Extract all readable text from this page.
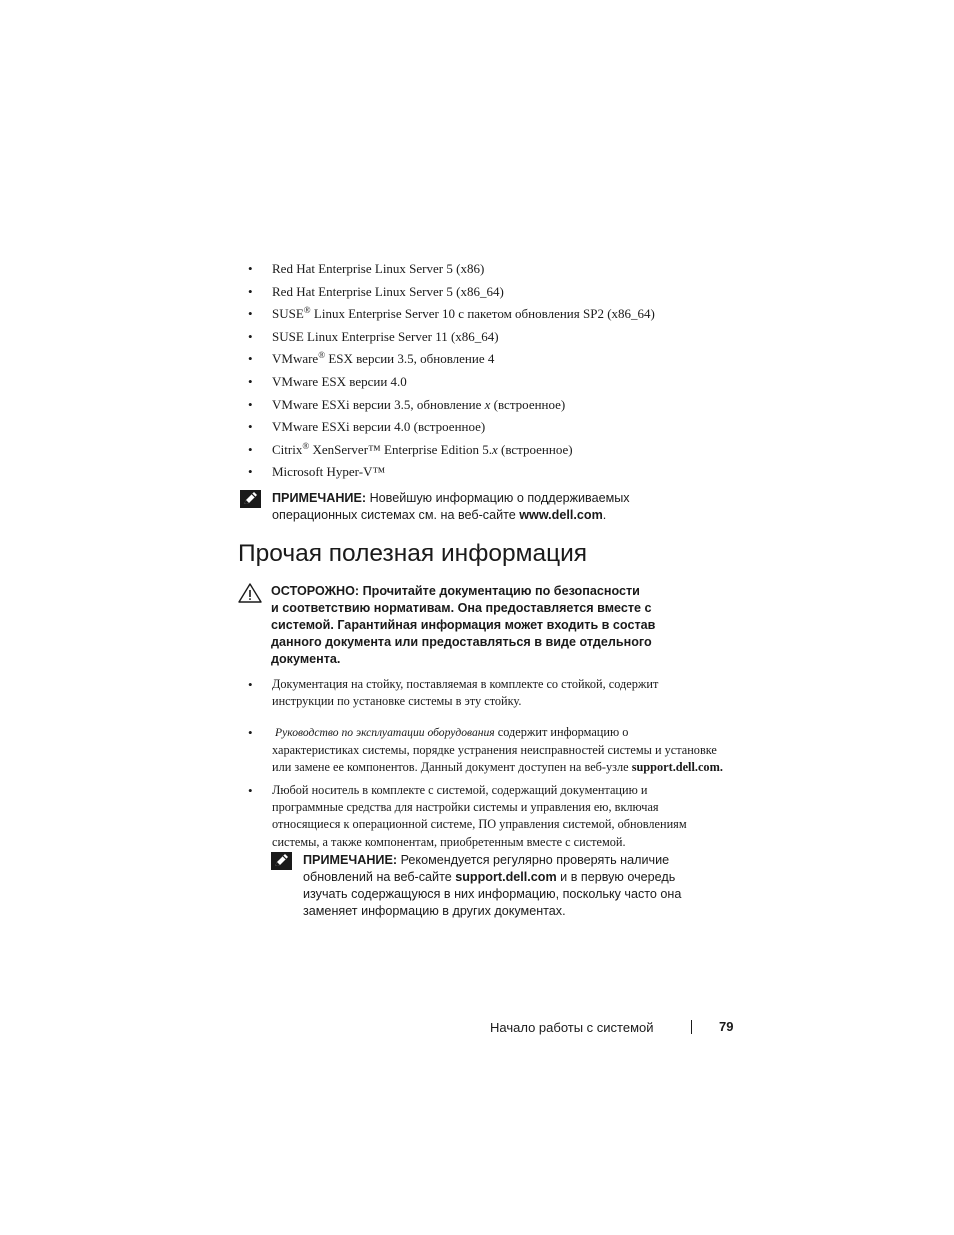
• Red Hat Enterprise Linux Server 5 (x86)
• Red Hat Enterprise Linux Server 5 (x86_64)
• SUSE® Linux Enterprise Server 10 с пакетом обновления SP2 (x86_64)
• SUSE Linux Enterprise Server 11 (x86_64)
• VMware® ESX версии 3.5, обновление 4
• VMware ESX версии 4.0
• VMware ESXi версии 3.5, обновление x (встроенное)
• VMware ESXi версии 4.0 (встроенное)
• Citrix® XenServer™ Enterprise Edition 5.x (встроенное)
• Microsoft Hyper-V™
ПРИМЕЧАНИЕ: Новейшую информацию о поддерживаемых
операционных системах см. на веб-сайте www.dell.com.
Прочая полезная информация
ОСТОРОЖНО: Прочитайте документацию по безопасности
и соответствию нормативам. Она предоставляется вместе с
системой. Гарантийная информация может входить в состав
данного документа или предоставляться в виде отдельного
документа.
• Документация на стойку, поставляемая в комплекте со стойкой, содержит
инструкции по установке системы в эту стойку.
• Руководство по эксплуатации оборудования содержит информацию о
характеристиках системы, порядке устранения неисправностей системы и установке
или замене ее компонентов. Данный документ доступен на веб-узле support.dell.com.
• Любой носитель в комплекте с системой, содержащий документацию и
программные средства для настройки системы и управления ею, включая
относящиеся к операционной системе, ПО управления системой, обновлениям
системы, а также компонентам, приобретенным вместе с системой.
ПРИМЕЧАНИЕ: Рекомендуется регулярно проверять наличие
обновлений на веб-сайте support.dell.com и в первую очередь
изучать содержащуюся в них информацию, поскольку часто она
заменяет информацию в других документах.
Начало работы с системой	79
